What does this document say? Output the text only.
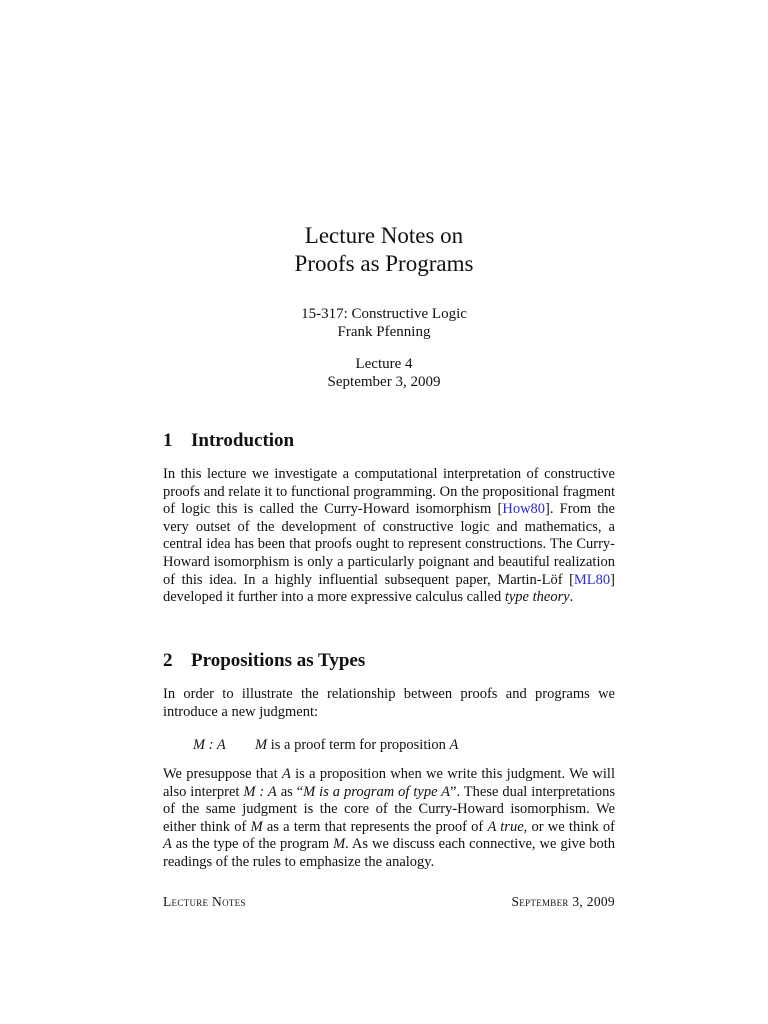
Lecture Notes on
Proofs as Programs
15-317: Constructive Logic
Frank Pfenning
Lecture 4
September 3, 2009
1 Introduction

In this lecture we investigate a computational interpretation of constructive proofs and relate it to functional programming. On the propositional fragment of logic this is called the Curry-Howard isomorphism [How80]. From the very outset of the development of constructive logic and mathematics, a central idea has been that proofs ought to represent constructions. The Curry-Howard isomorphism is only a particularly poignant and beautiful realization of this idea. In a highly influential subsequent paper, Martin-Löf [ML80] developed it further into a more expressive calculus called type theory.

2 Propositions as Types

In order to illustrate the relationship between proofs and programs we introduce a new judgment:

M : A M is a proof term for proposition A

We presuppose that A is a proposition when we write this judgment. We will also interpret M : A as “M is a program of type A”. These dual interpretations of the same judgment is the core of the Curry-Howard isomorphism. We either think of M as a term that represents the proof of A true, or we think of A as the type of the program M. As we discuss each connective, we give both readings of the rules to emphasize the analogy.

Lecture Notes	September 3, 2009
